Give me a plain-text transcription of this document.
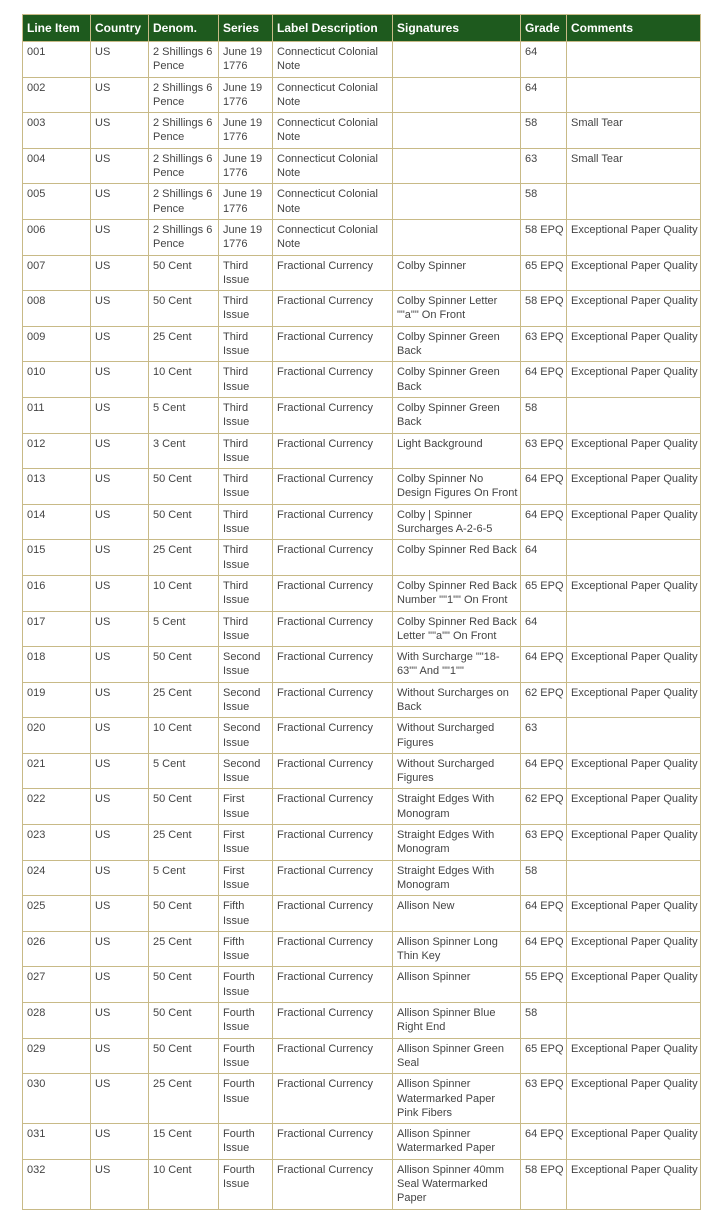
Line Item	Country	Denom.	Series	Label Description	Signatures	Grade	Comments
001	US	2 Shillings 6 Pence	June 19 1776	Connecticut Colonial Note		64	
002	US	2 Shillings 6 Pence	June 19 1776	Connecticut Colonial Note		64	
003	US	2 Shillings 6 Pence	June 19 1776	Connecticut Colonial Note		58	Small Tear
004	US	2 Shillings 6 Pence	June 19 1776	Connecticut Colonial Note		63	Small Tear
005	US	2 Shillings 6 Pence	June 19 1776	Connecticut Colonial Note		58	
006	US	2 Shillings 6 Pence	June 19 1776	Connecticut Colonial Note		58 EPQ	Exceptional Paper Quality
007	US	50 Cent	Third Issue	Fractional Currency	Colby Spinner	65 EPQ	Exceptional Paper Quality
008	US	50 Cent	Third Issue	Fractional Currency	Colby Spinner Letter ""a"" On Front	58 EPQ	Exceptional Paper Quality
009	US	25 Cent	Third Issue	Fractional Currency	Colby Spinner Green Back	63 EPQ	Exceptional Paper Quality
010	US	10 Cent	Third Issue	Fractional Currency	Colby Spinner Green Back	64 EPQ	Exceptional Paper Quality
011	US	5 Cent	Third Issue	Fractional Currency	Colby Spinner Green Back	58	
012	US	3 Cent	Third Issue	Fractional Currency	Light Background	63 EPQ	Exceptional Paper Quality
013	US	50 Cent	Third Issue	Fractional Currency	Colby Spinner No Design Figures On Front	64 EPQ	Exceptional Paper Quality
014	US	50 Cent	Third Issue	Fractional Currency	Colby | Spinner Surcharges A-2-6-5	64 EPQ	Exceptional Paper Quality
015	US	25 Cent	Third Issue	Fractional Currency	Colby Spinner Red Back	64	
016	US	10 Cent	Third Issue	Fractional Currency	Colby Spinner Red Back Number ""1"" On Front	65 EPQ	Exceptional Paper Quality
017	US	5 Cent	Third Issue	Fractional Currency	Colby Spinner Red Back Letter ""a"" On Front	64	
018	US	50 Cent	Second Issue	Fractional Currency	With Surcharge ""18-63"" And ""1""	64 EPQ	Exceptional Paper Quality
019	US	25 Cent	Second Issue	Fractional Currency	Without Surcharges on Back	62 EPQ	Exceptional Paper Quality
020	US	10 Cent	Second Issue	Fractional Currency	Without Surcharged Figures	63	
021	US	5 Cent	Second Issue	Fractional Currency	Without Surcharged Figures	64 EPQ	Exceptional Paper Quality
022	US	50 Cent	First Issue	Fractional Currency	Straight Edges With Monogram	62 EPQ	Exceptional Paper Quality
023	US	25 Cent	First Issue	Fractional Currency	Straight Edges With Monogram	63 EPQ	Exceptional Paper Quality
024	US	5 Cent	First Issue	Fractional Currency	Straight Edges With Monogram	58	
025	US	50 Cent	Fifth Issue	Fractional Currency	Allison New	64 EPQ	Exceptional Paper Quality
026	US	25 Cent	Fifth Issue	Fractional Currency	Allison Spinner Long Thin Key	64 EPQ	Exceptional Paper Quality
027	US	50 Cent	Fourth Issue	Fractional Currency	Allison Spinner	55 EPQ	Exceptional Paper Quality
028	US	50 Cent	Fourth Issue	Fractional Currency	Allison Spinner Blue Right End	58	
029	US	50 Cent	Fourth Issue	Fractional Currency	Allison Spinner Green Seal	65 EPQ	Exceptional Paper Quality
030	US	25 Cent	Fourth Issue	Fractional Currency	Allison Spinner Watermarked Paper Pink Fibers	63 EPQ	Exceptional Paper Quality
031	US	15 Cent	Fourth Issue	Fractional Currency	Allison Spinner Watermarked Paper	64 EPQ	Exceptional Paper Quality
032	US	10 Cent	Fourth Issue	Fractional Currency	Allison Spinner 40mm Seal Watermarked Paper	58 EPQ	Exceptional Paper Quality
